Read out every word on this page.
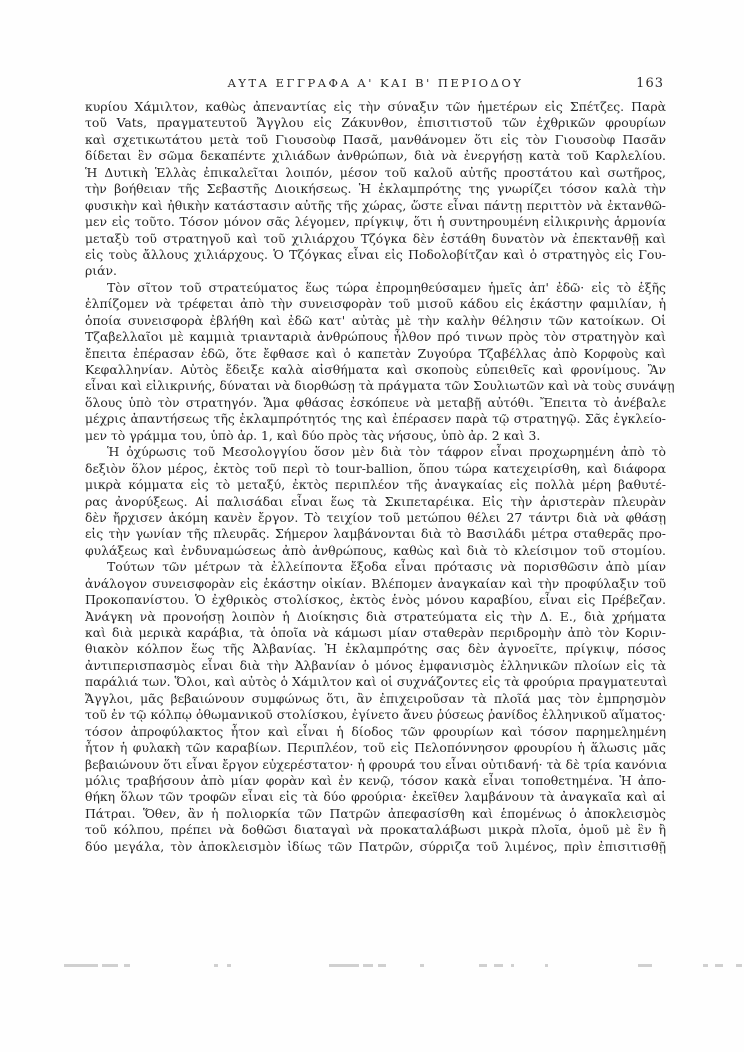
ΑΥΤΑ ΕΓΓΡΑΦΑ Α' ΚΑΙ Β' ΠΕΡΙΟΔΟΥ	163
κυρίου Χάμιλτον, καθὼς ἀπεναντίας εἰς τὴν σύναξιν τῶν ἡμετέρων εἰς Σπέτζες. Παρὰ
τοῦ Vats, πραγματευτοῦ Ἄγγλου εἰς Ζάκυνθον, ἐπισιτιστοῦ τῶν ἐχθρικῶν φρουρίων
καὶ σχετικωτάτου μετὰ τοῦ Γιουσοὺφ Πασᾶ, μανθάνομεν ὅτι εἰς τὸν Γιουσοὺφ Πασᾶν
δίδεται ἓν σῶμα δεκαπέντε χιλιάδων ἀνθρώπων, διὰ νὰ ἐνεργήσῃ κατὰ τοῦ Καρλελίου.
Ἡ Δυτικὴ Ἑλλὰς ἐπικαλεῖται λοιπόν, μέσον τοῦ καλοῦ αὐτῆς προστάτου καὶ σωτῆρος,
τὴν βοήθειαν τῆς Σεβαστῆς Διοικήσεως. Ἡ ἐκλαμπρότης της γνωρίζει τόσον καλὰ τὴν
φυσικὴν καὶ ἠθικὴν κατάστασιν αὐτῆς τῆς χώρας, ὥστε εἶναι πάντῃ περιττὸν νὰ ἐκτανθῶ-
μεν εἰς τοῦτο. Τόσον μόνον σᾶς λέγομεν, πρίγκιψ, ὅτι ἡ συντηρουμένη εἰλικρινὴς ἁρμονία
μεταξὺ τοῦ στρατηγοῦ καὶ τοῦ χιλιάρχου Τζόγκα δὲν ἐστάθη δυνατὸν νὰ ἐπεκτανθῇ καὶ
εἰς τοὺς ἄλλους χιλιάρχους. Ὁ Τζόγκας εἶναι εἰς Ποδολοβίτζαν καὶ ὁ στρατηγὸς εἰς Γου-
ριάν.
Τὸν σῖτον τοῦ στρατεύματος ἕως τώρα ἐπρομηθεύσαμεν ἡμεῖς ἀπ' ἐδῶ· εἰς τὸ ἑξῆς
ἐλπίζομεν νὰ τρέφεται ἀπὸ τὴν συνεισφορὰν τοῦ μισοῦ κάδου εἰς ἑκάστην φαμιλίαν, ἡ
ὁποία συνεισφορὰ ἐβλήθη καὶ ἐδῶ κατ' αὐτὰς μὲ τὴν καλὴν θέλησιν τῶν κατοίκων. Οἱ
Τζαβελλαῖοι μὲ καμμιὰ τριανταριὰ ἀνθρώπους ἦλθον πρό τινων πρὸς τὸν στρατηγὸν καὶ
ἔπειτα ἐπέρασαν ἐδῶ, ὅτε ἔφθασε καὶ ὁ καπετὰν Ζυγούρα Τζαβέλλας ἀπὸ Κορφοὺς καὶ
Κεφαλληνίαν. Αὐτὸς ἔδειξε καλὰ αἰσθήματα καὶ σκοποὺς εὐπειθεῖς καὶ φρονίμους. Ἂν
εἶναι καὶ εἰλικρινής, δύναται νὰ διορθώσῃ τὰ πράγματα τῶν Σουλιωτῶν καὶ νὰ τοὺς συνάψῃ
ὅλους ὑπὸ τὸν στρατηγόν. Ἅμα φθάσας ἐσκόπευε νὰ μεταβῇ αὐτόθι. Ἔπειτα τὸ ἀνέβαλε
μέχρις ἀπαντήσεως τῆς ἐκλαμπρότητός της καὶ ἐπέρασεν παρὰ τῷ στρατηγῷ. Σᾶς ἐγκλείο-
μεν τὸ γράμμα του, ὑπὸ ἀρ. 1, καὶ δύο πρὸς τὰς νήσους, ὑπὸ ἀρ. 2 καὶ 3.
Ἡ ὀχύρωσις τοῦ Μεσολογγίου ὅσον μὲν διὰ τὸν τάφρον εἶναι προχωρημένη ἀπὸ τὸ
δεξιὸν ὅλον μέρος, ἐκτὸς τοῦ περὶ τὸ tour-ballion, ὅπου τώρα κατεχειρίσθη, καὶ διάφορα
μικρὰ κόμματα εἰς τὸ μεταξύ, ἐκτὸς περιπλέον τῆς ἀναγκαίας εἰς πολλὰ μέρη βαθυτέ-
ρας ἀνορύξεως. Αἱ παλισάδαι εἶναι ἕως τὰ Σκιπεταρέικα. Εἰς τὴν ἀριστερὰν πλευρὰν
δὲν ἤρχισεν ἀκόμη κανὲν ἔργον. Τὸ τειχίον τοῦ μετώπου θέλει 27 τάντρι διὰ νὰ φθάσῃ
εἰς τὴν γωνίαν τῆς πλευρᾶς. Σήμερον λαμβάνονται διὰ τὸ Βασιλάδι μέτρα σταθερᾶς προ-
φυλάξεως καὶ ἐνδυναμώσεως ἀπὸ ἀνθρώπους, καθὼς καὶ διὰ τὸ κλείσιμον τοῦ στομίου.
Τούτων τῶν μέτρων τὰ ἐλλείποντα ἔξοδα εἶναι πρότασις νὰ πορισθῶσιν ἀπὸ μίαν
ἀνάλογον συνεισφορὰν εἰς ἑκάστην οἰκίαν. Βλέπομεν ἀναγκαίαν καὶ τὴν προφύλαξιν τοῦ
Προκοπανίστου. Ὁ ἐχθρικὸς στολίσκος, ἐκτὸς ἑνὸς μόνου καραβίου, εἶναι εἰς Πρέβεζαν.
Ἀνάγκη νὰ προνοήσῃ λοιπὸν ἡ Διοίκησις διὰ στρατεύματα εἰς τὴν Δ. Ε., διὰ χρήματα
καὶ διὰ μερικὰ καράβια, τὰ ὁποῖα νὰ κάμωσι μίαν σταθερὰν περιδρομὴν ἀπὸ τὸν Κοριν-
θιακὸν κόλπον ἕως τῆς Ἀλβανίας. Ἡ ἐκλαμπρότης σας δὲν ἀγνοεῖτε, πρίγκιψ, πόσος
ἀντιπερισπασμὸς εἶναι διὰ τὴν Ἀλβανίαν ὁ μόνος ἐμφανισμὸς ἑλληνικῶν πλοίων εἰς τὰ
παράλιά των. Ὅλοι, καὶ αὐτὸς ὁ Χάμιλτον καὶ οἱ συχνάζοντες εἰς τὰ φρούρια πραγματευταὶ
Ἄγγλοι, μᾶς βεβαιώνουν συμφώνως ὅτι, ἂν ἐπιχειροῦσαν τὰ πλοῖά μας τὸν ἐμπρησμὸν
τοῦ ἐν τῷ κόλπῳ ὀθωμανικοῦ στολίσκου, ἐγίνετο ἄνευ ῥύσεως ῥανίδος ἑλληνικοῦ αἵματος·
τόσον ἀπροφύλακτος ἦτον καὶ εἶναι ἡ δίοδος τῶν φρουρίων καὶ τόσον παρημελημένη
ἦτον ἡ φυλακὴ τῶν καραβίων. Περιπλέον, τοῦ εἰς Πελοπόννησον φρουρίου ἡ ἅλωσις μᾶς
βεβαιώνουν ὅτι εἶναι ἔργον εὐχερέστατον· ἡ φρουρά του εἶναι οὐτιδανή· τὰ δὲ τρία κανόνια
μόλις τραβήσουν ἀπὸ μίαν φορὰν καὶ ἐν κενῷ, τόσον κακὰ εἶναι τοποθετημένα. Ἡ ἀπο-
θήκη ὅλων τῶν τροφῶν εἶναι εἰς τὰ δύο φρούρια· ἐκεῖθεν λαμβάνουν τὰ ἀναγκαῖα καὶ αἱ
Πάτραι. Ὅθεν, ἂν ἡ πολιορκία τῶν Πατρῶν ἀπεφασίσθη καὶ ἑπομένως ὁ ἀποκλεισμὸς
τοῦ κόλπου, πρέπει νὰ δοθῶσι διαταγαὶ νὰ προκαταλάβωσι μικρὰ πλοῖα, ὁμοῦ μὲ ἓν ἢ
δύο μεγάλα, τὸν ἀποκλεισμὸν ἰδίως τῶν Πατρῶν, σύρριζα τοῦ λιμένος, πρὶν ἐπισιτισθῇ
